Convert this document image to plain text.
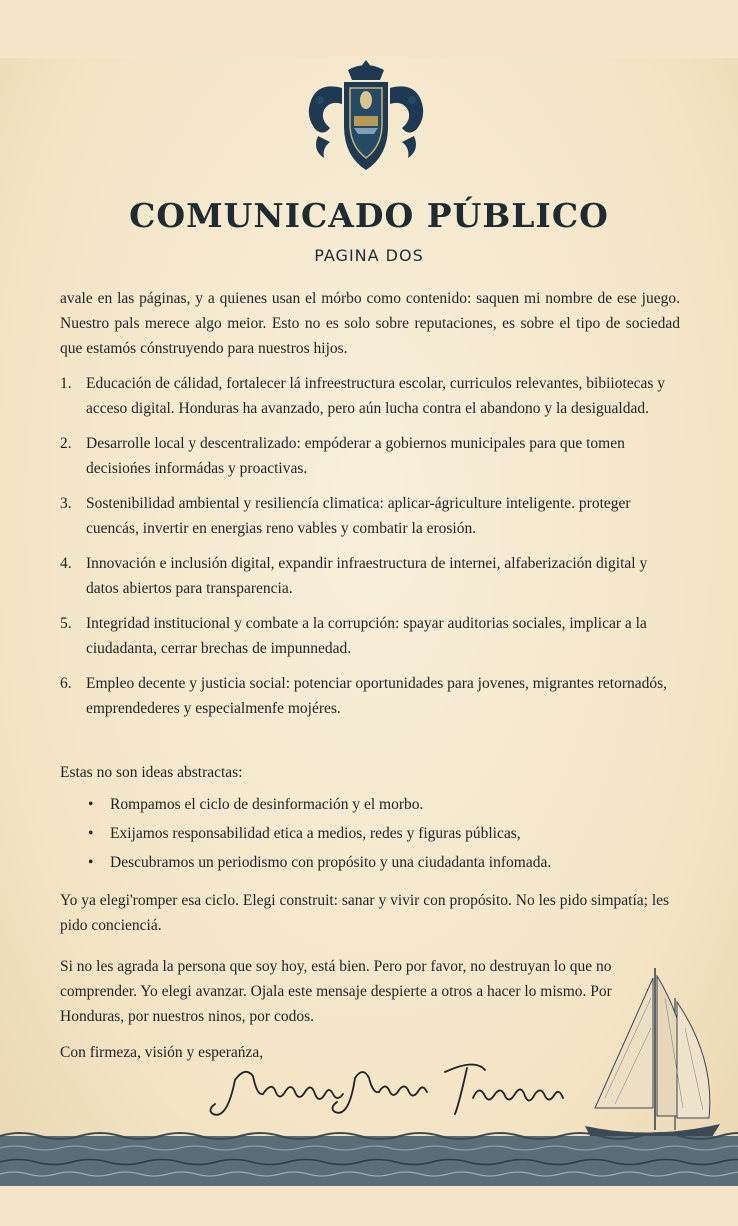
COMUNICADO PÚBLICO
PAGINA DOS
avale en las páginas, y a quienes usan el mórbo como contenido: saquen mi nombre de ese juego. Nuestro pals merece algo meior. Esto no es solo sobre reputaciones, es sobre el tipo de sociedad que estamós cónstruyendo para nuestros hijos.
1. Educación de cálidad, fortalecer lá infreestructura escolar, curriculos relevantes, bibiiotecas y acceso digital. Honduras ha avanzado, pero aún lucha contra el abandono y la desigualdad.
2. Desarrolle local y descentralizado: empóderar a gobiernos municipales para que tomen decisiońes informádas y proactivas.
3. Sostenibilidad ambiental y resiliencía climatica: aplicar-ágriculture inteligente. proteger cuencás, invertir en energias reno vables y combatir la erosión.
4. Innovación e inclusión digital, expandir infraestructura de internei, alfaberización digital y datos abiertos para transparencia.
5. Integridad institucional y combate a la corrupción: spayar auditorias sociales, implicar a la ciudadanta, cerrar brechas de impunnedad.
6. Empleo decente y justicia social: potenciar oportunidades para jovenes, migrantes retornadós, emprendederes y especialmenfe mojéres.
Estas no son ideas abstractas:
• Rompamos el ciclo de desinformación y el morbo.
• Exijamos responsabilidad etica a medios, redes y figuras públicas,
• Descubramos un periodismo con propósito y una ciudadanta infomada.
Yo ya elegi'romper esa ciclo. Elegi construit: sanar y vivir con propósito. No les pido simpatía; les pido concienciá.
Si no les agrada la persona que soy hoy, está bien. Pero por favor, no destruyan lo que no comprender. Yo elegi avanzar. Ojala este mensaje despierte a otros a hacer lo mismo. Por Honduras, por nuestros ninos, por codos.
Con firmeza, visión y esperańza,
